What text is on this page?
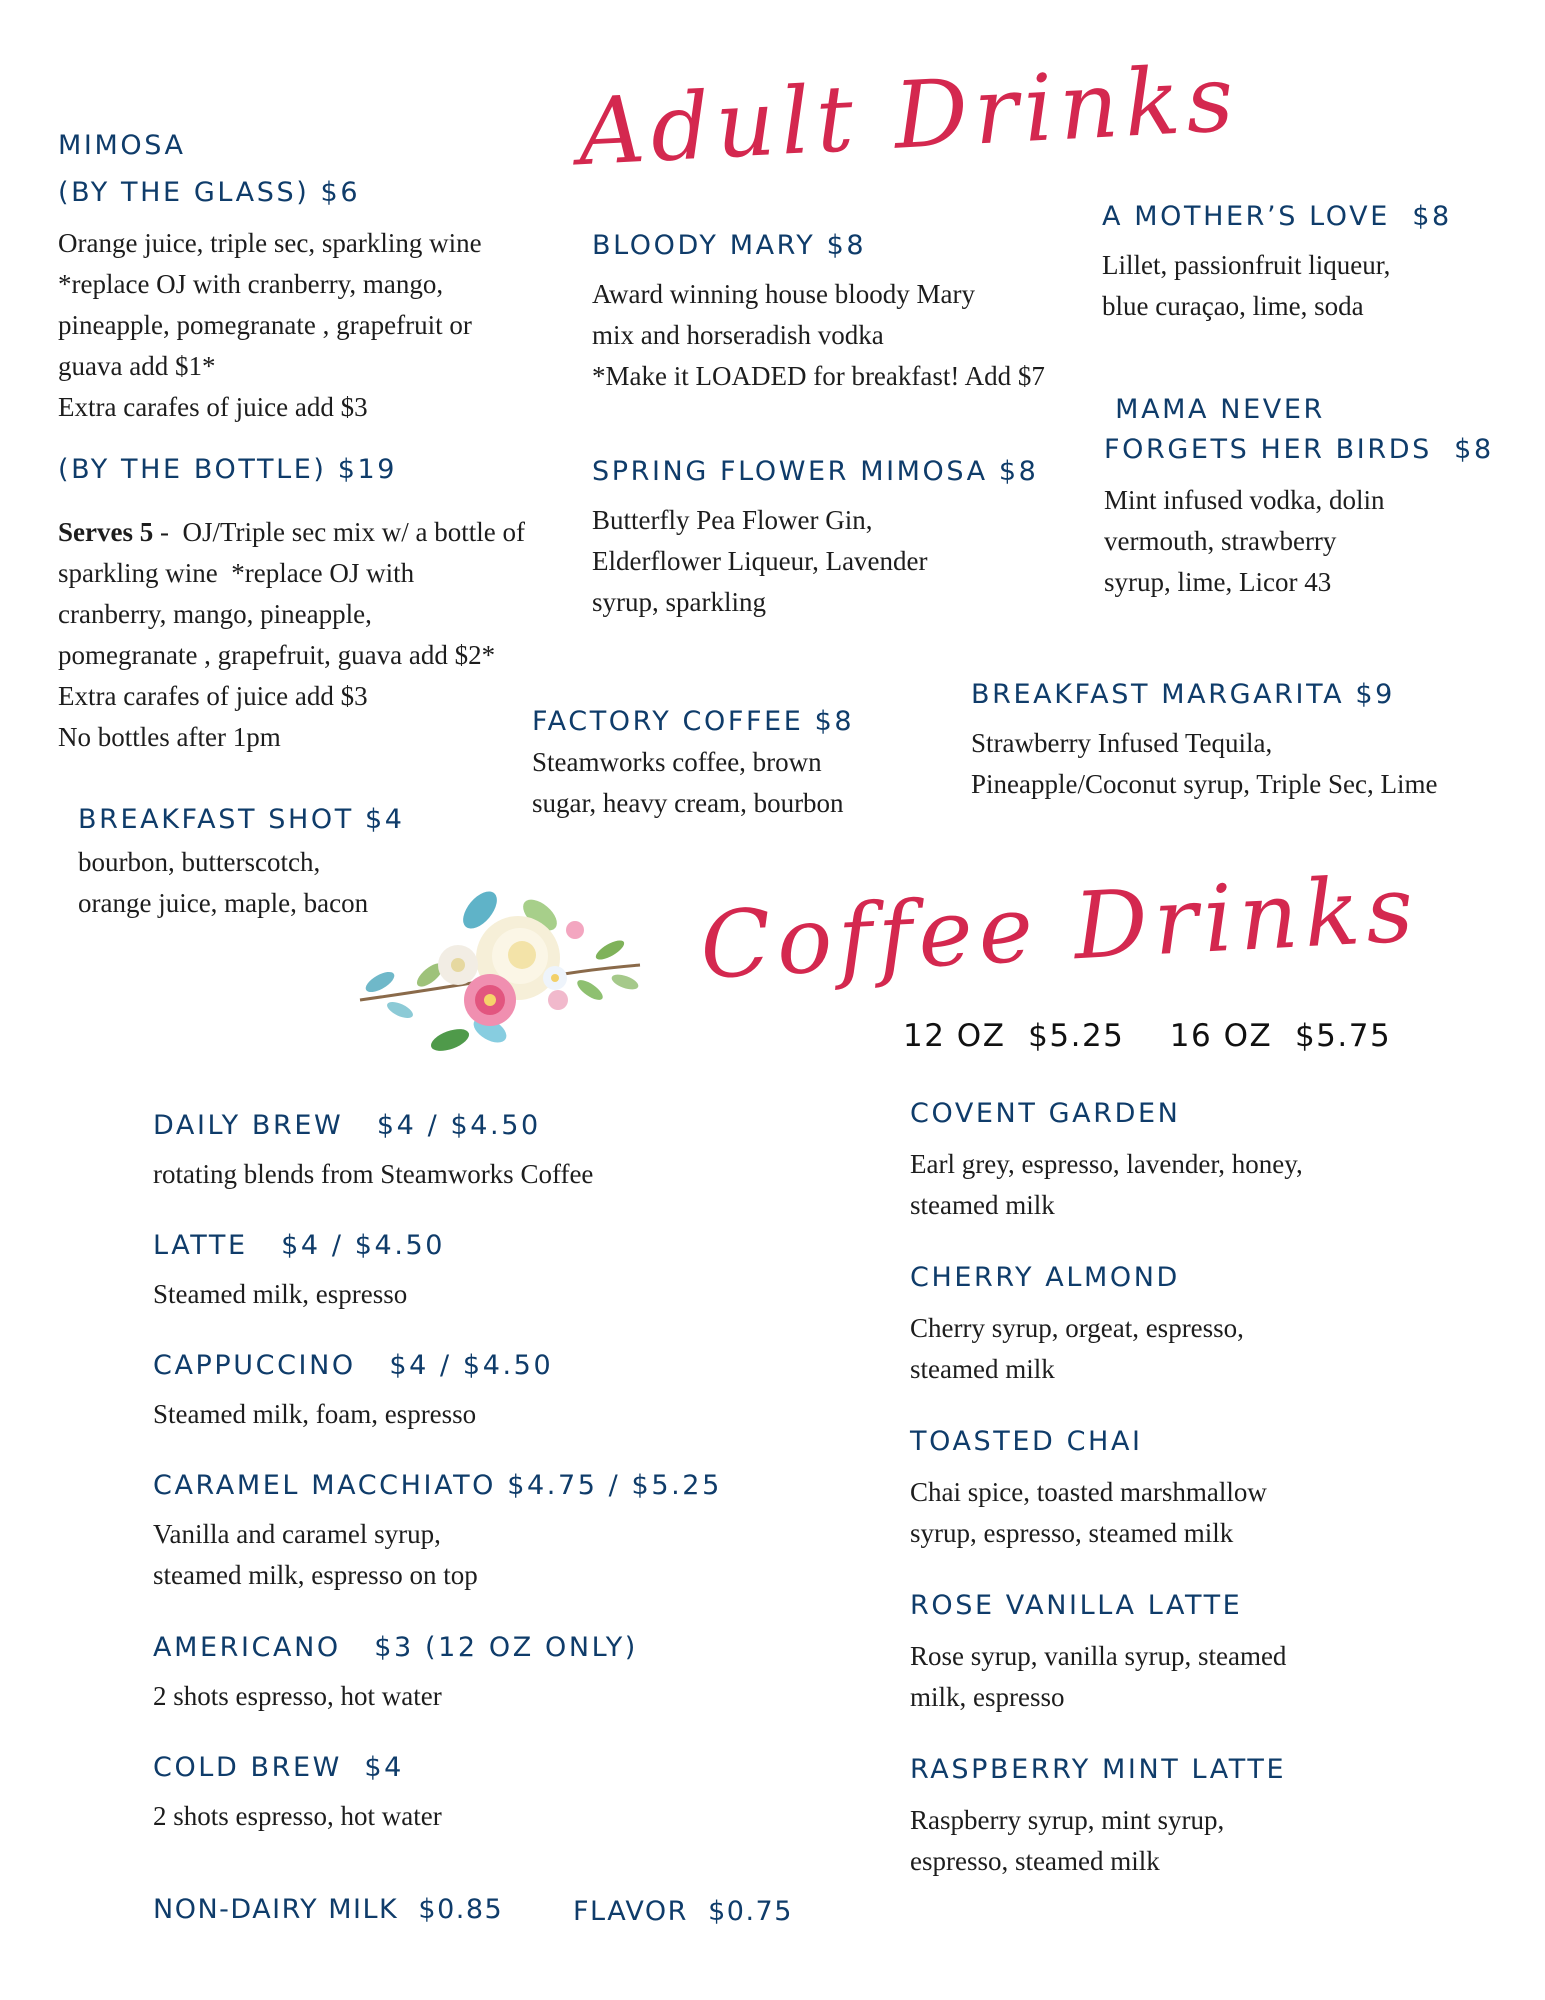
Adult Drinks
MIMOSA
(BY THE GLASS) $6
Orange juice, triple sec, sparkling wine
*replace OJ with cranberry, mango,
pineapple, pomegranate , grapefruit or
guava add $1*
Extra carafes of juice add $3
(BY THE BOTTLE) $19
Serves 5 -  OJ/Triple sec mix w/ a bottle of
sparkling wine  *replace OJ with
cranberry, mango, pineapple,
pomegranate , grapefruit, guava add $2*
Extra carafes of juice add $3
No bottles after 1pm
BREAKFAST SHOT $4
bourbon, butterscotch,
orange juice, maple, bacon
BLOODY MARY $8
Award winning house bloody Mary
mix and horseradish vodka
*Make it LOADED for breakfast! Add $7
SPRING FLOWER MIMOSA $8
Butterfly Pea Flower Gin,
Elderflower Liqueur, Lavender
syrup, sparkling
FACTORY COFFEE $8
Steamworks coffee, brown
sugar, heavy cream, bourbon
A MOTHER’S LOVE  $8
Lillet, passionfruit liqueur,
blue curaçao, lime, soda
MAMA NEVER
FORGETS HER BIRDS  $8
Mint infused vodka, dolin
vermouth, strawberry
syrup, lime, Licor 43
BREAKFAST MARGARITA $9
Strawberry Infused Tequila,
Pineapple/Coconut syrup, Triple Sec, Lime
Coffee Drinks
12 OZ  $5.25    16 OZ  $5.75
DAILY BREW   $4 / $4.50
rotating blends from Steamworks Coffee
LATTE   $4 / $4.50
Steamed milk, espresso
CAPPUCCINO   $4 / $4.50
Steamed milk, foam, espresso
CARAMEL MACCHIATO $4.75 / $5.25
Vanilla and caramel syrup,
steamed milk, espresso on top
AMERICANO   $3 (12 OZ ONLY)
2 shots espresso, hot water
COLD BREW  $4
2 shots espresso, hot water
NON-DAIRY MILK  $0.85	FLAVOR  $0.75
COVENT GARDEN
Earl grey, espresso, lavender, honey,
steamed milk
CHERRY ALMOND
Cherry syrup, orgeat, espresso,
steamed milk
TOASTED CHAI
Chai spice, toasted marshmallow
syrup, espresso, steamed milk
ROSE VANILLA LATTE
Rose syrup, vanilla syrup, steamed
milk, espresso
RASPBERRY MINT LATTE
Raspberry syrup, mint syrup,
espresso, steamed milk
